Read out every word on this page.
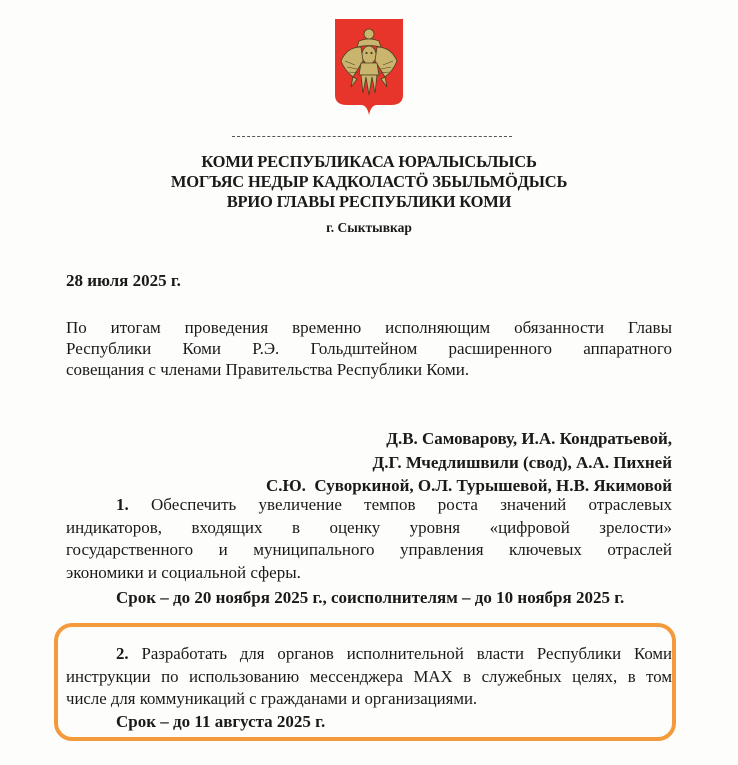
КОМИ РЕСПУБЛИКАСА ЮРАЛЫСЬЛЫСЬ
МОГЪЯС НЕДЫР КАДКОЛАСТӦ ЗБЫЛЬМӦДЫСЬ
ВРИО ГЛАВЫ РЕСПУБЛИКИ КОМИ
г. Сыктывкар
28 июля 2025 г.
По итогам проведения временно исполняющим обязанности Главы
Республики Коми Р.Э. Гольдштейном расширенного аппаратного
совещания с членами Правительства Республики Коми.
Д.В. Самоварову, И.А. Кондратьевой,
Д.Г. Мчедлишвили (свод), А.А. Пихней
С.Ю.  Суворкиной, О.Л. Турышевой, Н.В. Якимовой
1. Обеспечить увеличение темпов роста значений отраслевых
индикаторов, входящих в оценку уровня «цифровой зрелости»
государственного и муниципального управления ключевых отраслей
экономики и социальной сферы.
Срок – до 20 ноября 2025 г., соисполнителям – до 10 ноября 2025 г.
2. Разработать для органов исполнительной власти Республики Коми
инструкции по использованию мессенджера MAX в служебных целях, в том
числе для коммуникаций с гражданами и организациями.
Срок – до 11 августа 2025 г.
